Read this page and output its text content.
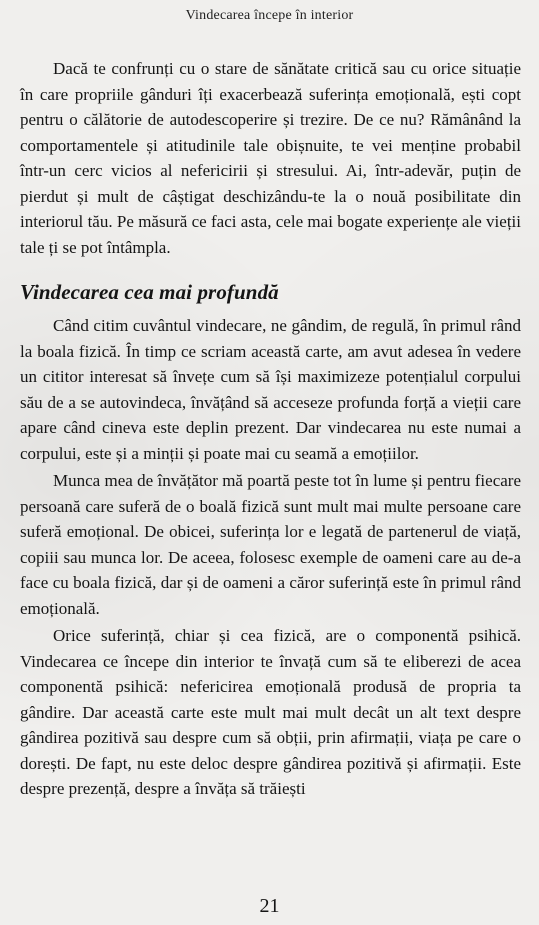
Vindecarea începe în interior

Dacă te confrunți cu o stare de sănătate critică sau cu orice situație în care propriile gânduri îți exacerbează suferința emoțională, ești copt pentru o călătorie de autodescoperire și trezire. De ce nu? Rămânând la comportamentele și atitudinile tale obișnuite, te vei menține probabil într-un cerc vicios al nefericirii și stresului. Ai, într-adevăr, puțin de pierdut și mult de câștigat deschizându-te la o nouă posibilitate din interiorul tău. Pe măsură ce faci asta, cele mai bogate experiențe ale vieții tale ți se pot întâmpla.

Vindecarea cea mai profundă

Când citim cuvântul vindecare, ne gândim, de regulă, în primul rând la boala fizică. În timp ce scriam această carte, am avut adesea în vedere un cititor interesat să învețe cum să își maximizeze potențialul corpului său de a se autovindeca, învățând să acceseze profunda forță a vieții care apare când cineva este deplin prezent. Dar vindecarea nu este numai a corpului, este și a minții și poate mai cu seamă a emoțiilor.

Munca mea de învățător mă poartă peste tot în lume și pentru fiecare persoană care suferă de o boală fizică sunt mult mai multe persoane care suferă emoțional. De obicei, suferința lor e legată de partenerul de viață, copiii sau munca lor. De aceea, folosesc exemple de oameni care au de-a face cu boala fizică, dar și de oameni a căror suferință este în primul rând emoțională.

Orice suferință, chiar și cea fizică, are o componentă psihică. Vindecarea ce începe din interior te învață cum să te eliberezi de acea componentă psihică: nefericirea emoțională produsă de propria ta gândire. Dar această carte este mult mai mult decât un alt text despre gândirea pozitivă sau despre cum să obții, prin afirmații, viața pe care o dorești. De fapt, nu este deloc despre gândirea pozitivă și afirmații. Este despre prezență, despre a învăța să trăiești

21
